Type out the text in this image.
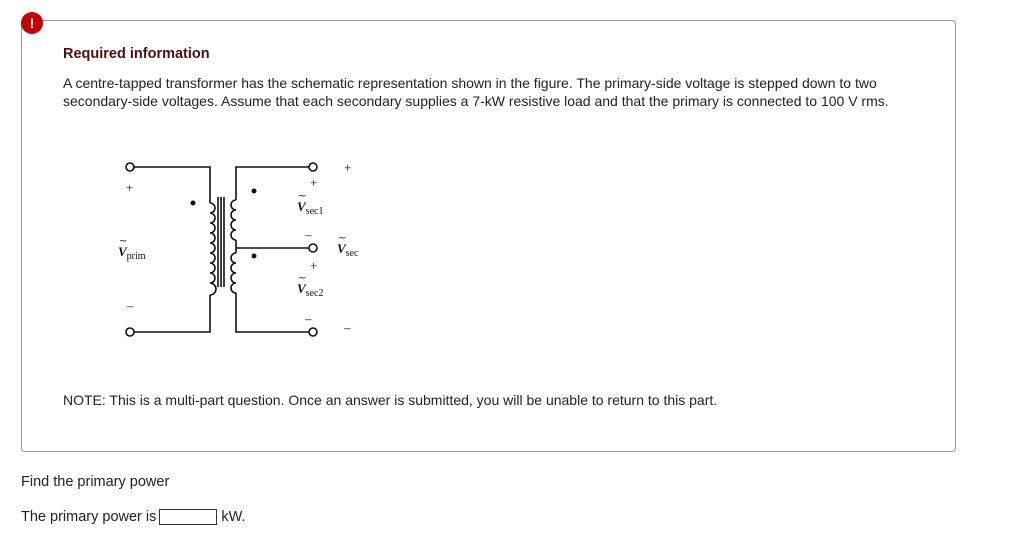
!
Required information
A centre-tapped transformer has the schematic representation shown in the figure. The primary-side voltage is stepped down to two secondary-side voltages. Assume that each secondary supplies a 7-kW resistive load and that the primary is connected to 100 V rms.
+
–
+
–
+
–
+
–
$V_{prim}$
$V_{sec1}$
$V_{sec2}$
$V_{sec}$
~
~
~
~
NOTE: This is a multi-part question. Once an answer is submitted, you will be unable to return to this part.
Find the primary power
The primary power is	kW.
